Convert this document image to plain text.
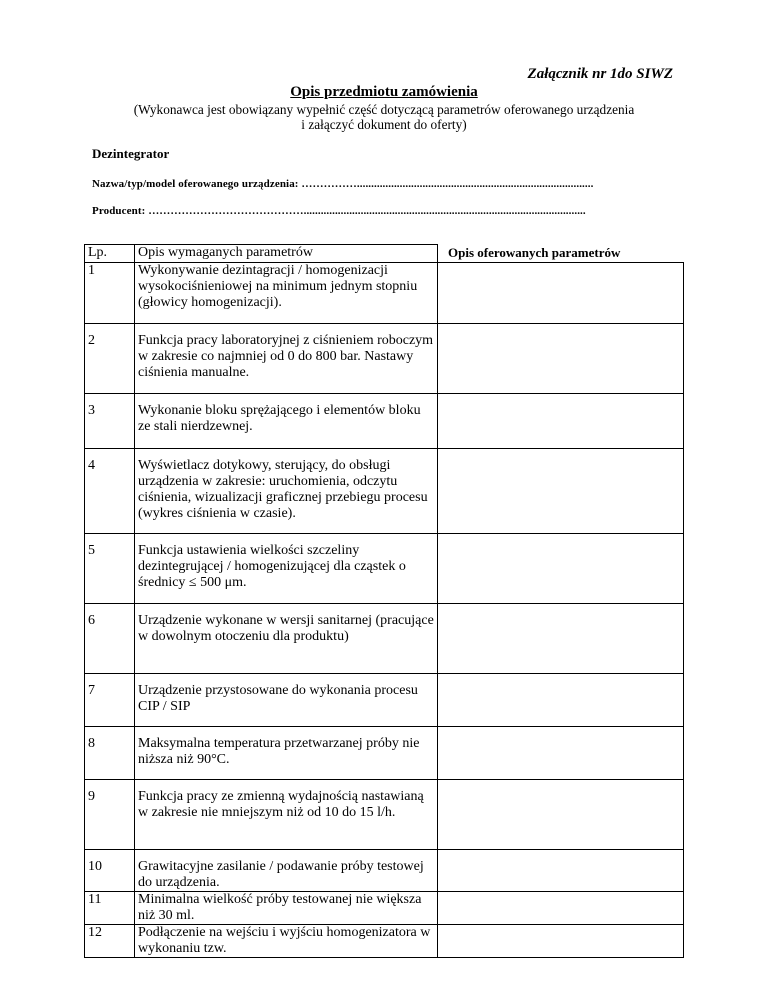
Załącznik nr 1do SIWZ
Opis przedmiotu zamówienia
(Wykonawca jest obowiązany wypełnić część dotyczącą parametrów oferowanego urządzenia
i załączyć dokument do oferty)
Dezintegrator
Nazwa/typ/model oferowanego urządzenia: ……………...................................................................................
Producent: ……………………………………...................................................................................................
Lp.	Opis wymaganych parametrów	Opis oferowanych parametrów
1	Wykonywanie dezintagracji / homogenizacji wysokociśnieniowej na minimum jednym stopniu (głowicy homogenizacji).	
2	Funkcja pracy laboratoryjnej z ciśnieniem roboczym w zakresie co najmniej od 0 do 800 bar. Nastawy ciśnienia manualne.	
3	Wykonanie bloku sprężającego i elementów bloku ze stali nierdzewnej.	
4	Wyświetlacz dotykowy, sterujący, do obsługi urządzenia w zakresie: uruchomienia, odczytu ciśnienia, wizualizacji graficznej przebiegu procesu (wykres ciśnienia w czasie).	
5	Funkcja ustawienia wielkości szczeliny dezintegrującej / homogenizującej dla cząstek o średnicy ≤ 500 μm.	
6	Urządzenie wykonane w wersji sanitarnej (pracujące w dowolnym otoczeniu dla produktu)	
7	Urządzenie przystosowane do wykonania procesu CIP / SIP	
8	Maksymalna temperatura przetwarzanej próby nie niższa niż 90°C.	
9	Funkcja pracy ze zmienną wydajnością nastawianą w zakresie nie mniejszym niż od 10 do 15 l/h.	
10	Grawitacyjne zasilanie / podawanie próby testowej do urządzenia.	
11	Minimalna wielkość próby testowanej nie większa niż 30 ml.	
12	Podłączenie na wejściu i wyjściu homogenizatora w wykonaniu tzw.	
